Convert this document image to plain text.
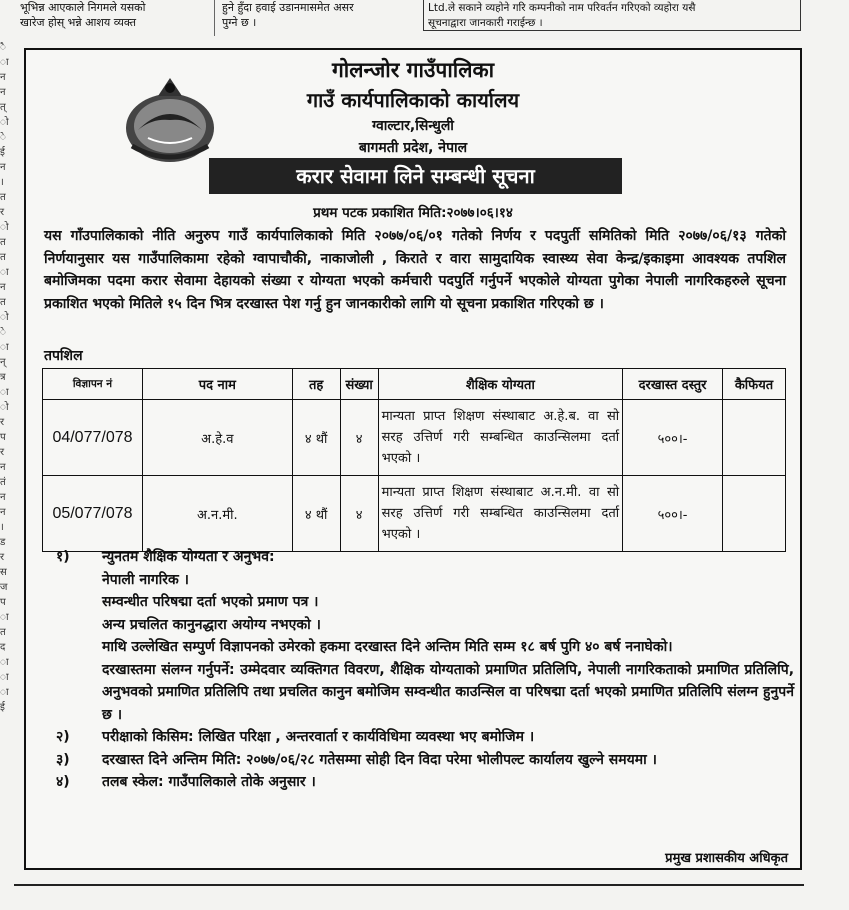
भूभिन्न आएकाले निगमले यसको
खारेज होस् भन्ने आशय व्यक्त
हुने हुँदा हवाई उडानमासमेत असर
पुग्ने छ ।
Ltd.ले सकाने व्यहोने गरि कम्पनीको नाम परिवर्तन गरिएको व्यहोरा यसै
सूचनाद्वारा जानकारी गराईन्छ ।
ै
ा
न
न
त्
ो
े
ई
न
।
त
र
ो
त
त
ा
न
त
ो
े
ा
न्
त्र
ा
ो
र
प
र
न
तं
न
न
।
ड
र
स
ज
प
ा
त
द
ा
ा
ा
ई
गोलन्जोर गाउँपालिका
गाउँ कार्यपालिकाको कार्यालय
ग्वाल्टार,सिन्धुली
बागमती प्रदेश, नेपाल
करार सेवामा लिने सम्बन्धी सूचना
प्रथम पटक प्रकाशित मिति:२०७७।०६।१४
यस गाँउपालिकाको नीति अनुरुप गाउँ कार्यपालिकाको मिति २०७७/०६/०१ गतेको निर्णय र पदपुर्ती समितिको मिति २०७७/०६/१३ गतेको निर्णयानुसार यस गाउँपालिकामा रहेको ग्वापाचौकी, नाकाजोली , किराते र वारा सामुदायिक स्वास्थ्य सेवा केन्द्र/इकाइमा आवश्यक तपशिल बमोजिमका पदमा करार सेवामा देहायको संख्या र योग्यता भएको कर्मचारी पदपुर्ति गर्नुपर्ने भएकोले योग्यता पुगेका नेपाली नागरिकहरुले सूचना प्रकाशित भएको मितिले १५ दिन भित्र दरखास्त पेश गर्नु हुन जानकारीको लागि यो सूचना प्रकाशित गरिएको छ ।
तपशिल
विज्ञापन नं	पद नाम	तह	संख्या	शैक्षिक योग्यता	दरखास्त दस्तुर	कैफियत
04/077/078	अ.हे.व	४ थौं	४	मान्यता प्राप्त शिक्षण संस्थाबाट अ.हे.ब. वा सो सरह उत्तिर्ण गरी सम्बन्धित काउन्सिलमा दर्ता भएको ।	५००।-	
05/077/078	अ.न.मी.	४ थौं	४	मान्यता प्राप्त शिक्षण संस्थाबाट अ.न.मी. वा सो सरह उत्तिर्ण गरी सम्बन्धित काउन्सिलमा दर्ता भएको ।	५००।-	
१)	न्युनतम शैक्षिक योग्यता र अनुभव:
नेपाली नागरिक ।
सम्वन्धीत परिषद्मा दर्ता भएको प्रमाण पत्र ।
अन्य प्रचलित कानुनद्धारा अयोग्य नभएको ।
माथि उल्लेखित सम्पुर्ण विज्ञापनको उमेरको हकमा दरखास्त दिने अन्तिम मिति सम्म १८ बर्ष पुगि ४० बर्ष ननाघेको।
दरखास्तमा संलग्न गर्नुपर्ने: उम्मेदवार व्यक्तिगत विवरण, शैक्षिक योग्यताको प्रमाणित प्रतिलिपि, नेपाली नागरिकताको प्रमाणित प्रतिलिपि, अनुभवको प्रमाणित प्रतिलिपि तथा प्रचलित कानुन बमोजिम सम्वन्धीत काउन्सिल वा परिषद्मा दर्ता भएको प्रमाणित प्रतिलिपि संलग्न हुनुपर्ने छ ।
२)	परीक्षाको किसिम: लिखित परिक्षा , अन्तरवार्ता र कार्यविधिमा व्यवस्था भए बमोजिम ।
३)	दरखास्त दिने अन्तिम मिति: २०७७/०६/२८ गतेसम्मा सोही दिन विदा परेमा भोलीपल्ट कार्यालय खुल्ने समयमा ।
४)	तलब स्केल: गाउँपालिकाले तोके अनुसार ।
प्रमुख प्रशासकीय अधिकृत
